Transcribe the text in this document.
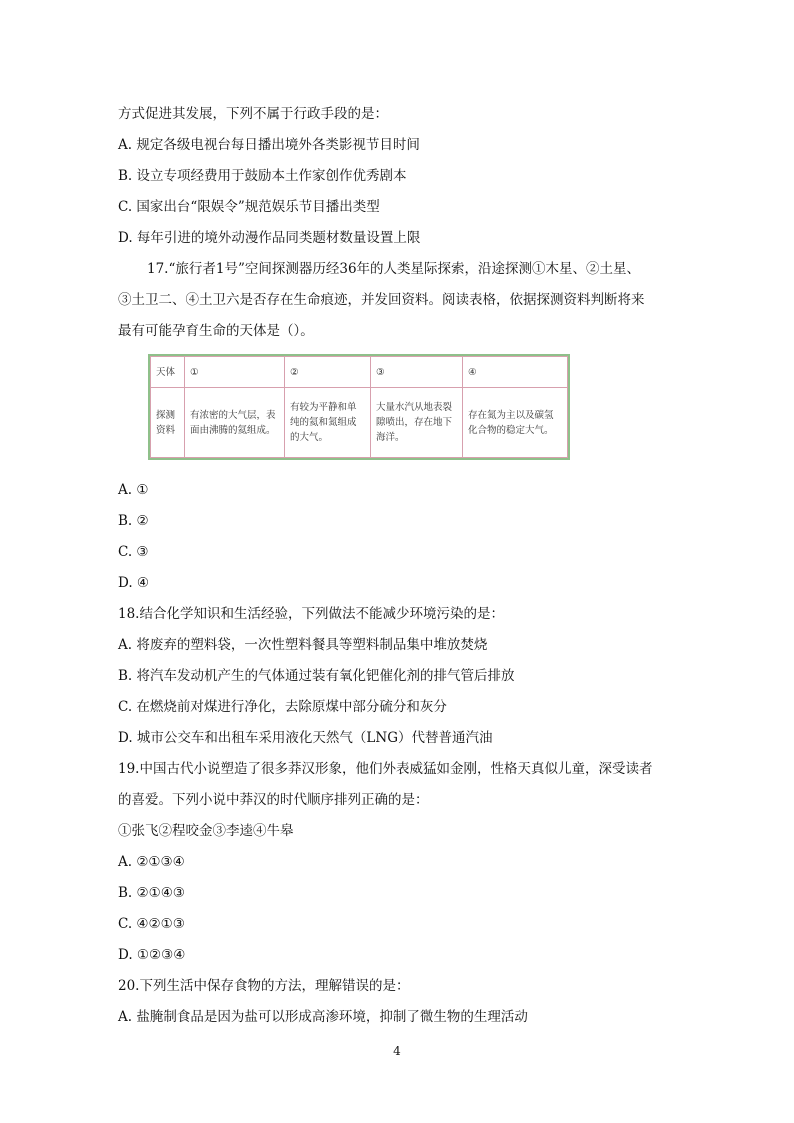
方式促进其发展，下列不属于行政手段的是：
A. 规定各级电视台每日播出境外各类影视节目时间
B. 设立专项经费用于鼓励本土作家创作优秀剧本
C. 国家出台“限娱令”规范娱乐节目播出类型
D. 每年引进的境外动漫作品同类题材数量设置上限
17.“旅行者1号”空间探测器历经36年的人类星际探索，沿途探测①木星、②土星、
③土卫二、④土卫六是否存在生命痕迹，并发回资料。阅读表格，依据探测资料判断将来
最有可能孕育生命的天体是（）。
天体	①	②	③	④
探测资料	有浓密的大气层，表面由沸腾的氦组成。	有较为平静和单纯的氦和氮组成的大气。	大量水汽从地表裂隙喷出，存在地下海洋。	存在氮为主以及碳氢化合物的稳定大气。
A. ①
B. ②
C. ③
D. ④
18.结合化学知识和生活经验，下列做法不能减少环境污染的是：
A. 将废弃的塑料袋，一次性塑料餐具等塑料制品集中堆放焚烧
B. 将汽车发动机产生的气体通过装有氧化钯催化剂的排气管后排放
C. 在燃烧前对煤进行净化，去除原煤中部分硫分和灰分
D. 城市公交车和出租车采用液化天然气（LNG）代替普通汽油
19.中国古代小说塑造了很多莽汉形象，他们外表威猛如金刚，性格天真似儿童，深受读者
的喜爱。下列小说中莽汉的时代顺序排列正确的是：
①张飞②程咬金③李逵④牛皋
A. ②①③④
B. ②①④③
C. ④②①③
D. ①②③④
20.下列生活中保存食物的方法，理解错误的是：
A. 盐腌制食品是因为盐可以形成高渗环境，抑制了微生物的生理活动
4
